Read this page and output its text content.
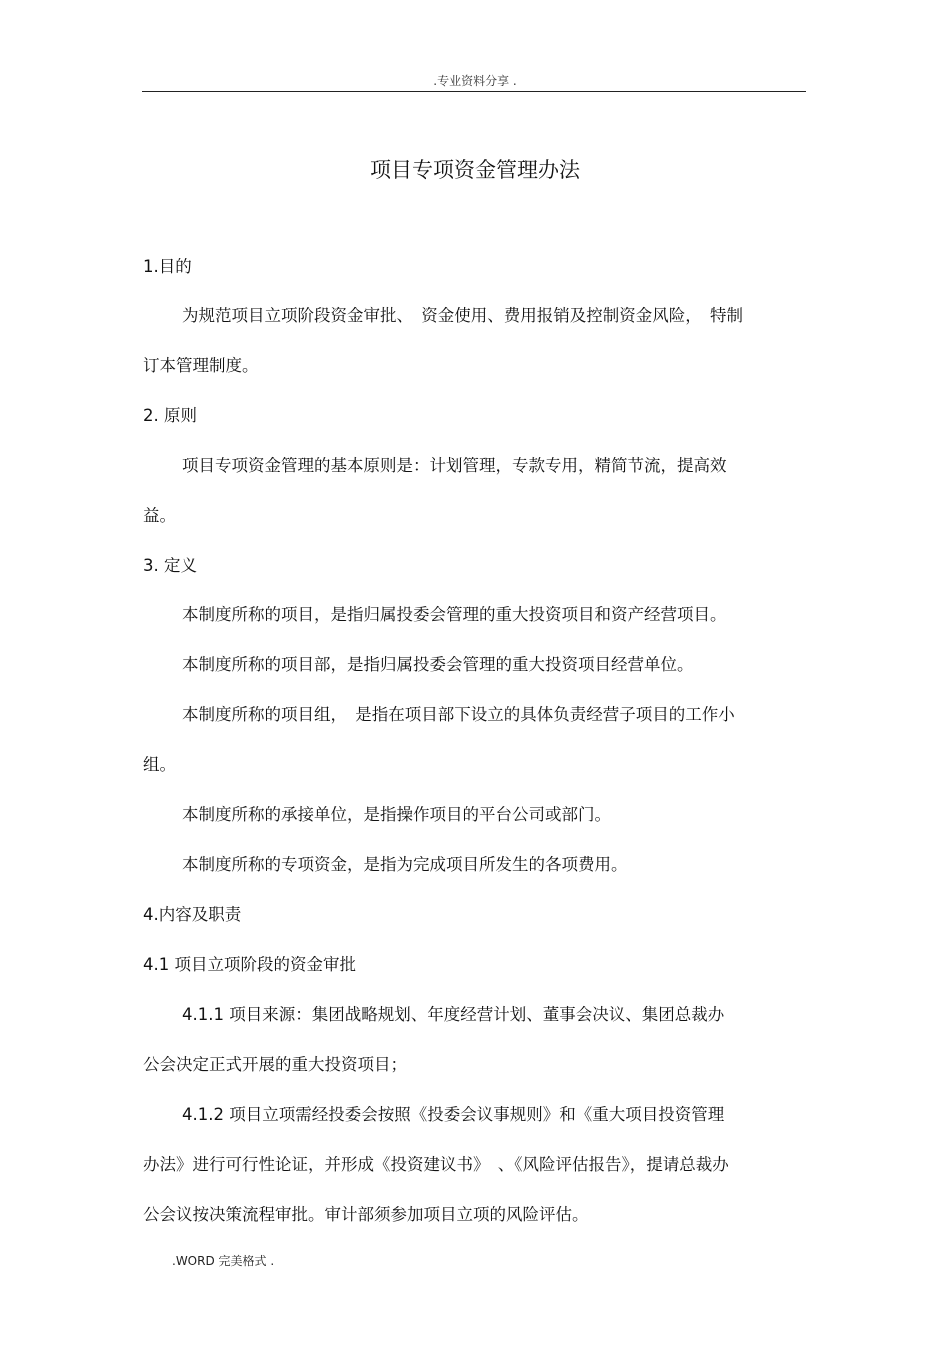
.专业资料分享 .
项目专项资金管理办法
1.目的
为规范项目立项阶段资金审批、　资金使用、费用报销及控制资金风险，　特制
订本管理制度。
2. 原则
项目专项资金管理的基本原则是：计划管理，专款专用，精简节流，提高效
益。
3. 定义
本制度所称的项目，是指归属投委会管理的重大投资项目和资产经营项目。
本制度所称的项目部，是指归属投委会管理的重大投资项目经营单位。
本制度所称的项目组，　是指在项目部下设立的具体负责经营子项目的工作小
组。
本制度所称的承接单位，是指操作项目的平台公司或部门。
本制度所称的专项资金，是指为完成项目所发生的各项费用。
4.内容及职责
4.1 项目立项阶段的资金审批
4.1.1 项目来源：集团战略规划、年度经营计划、董事会决议、集团总裁办
公会决定正式开展的重大投资项目；
4.1.2 项目立项需经投委会按照《投委会议事规则》和《重大项目投资管理
办法》进行可行性论证，并形成《投资建议书》　、《风险评估报告》，提请总裁办
公会议按决策流程审批。审计部须参加项目立项的风险评估。
.WORD 完美格式 .
